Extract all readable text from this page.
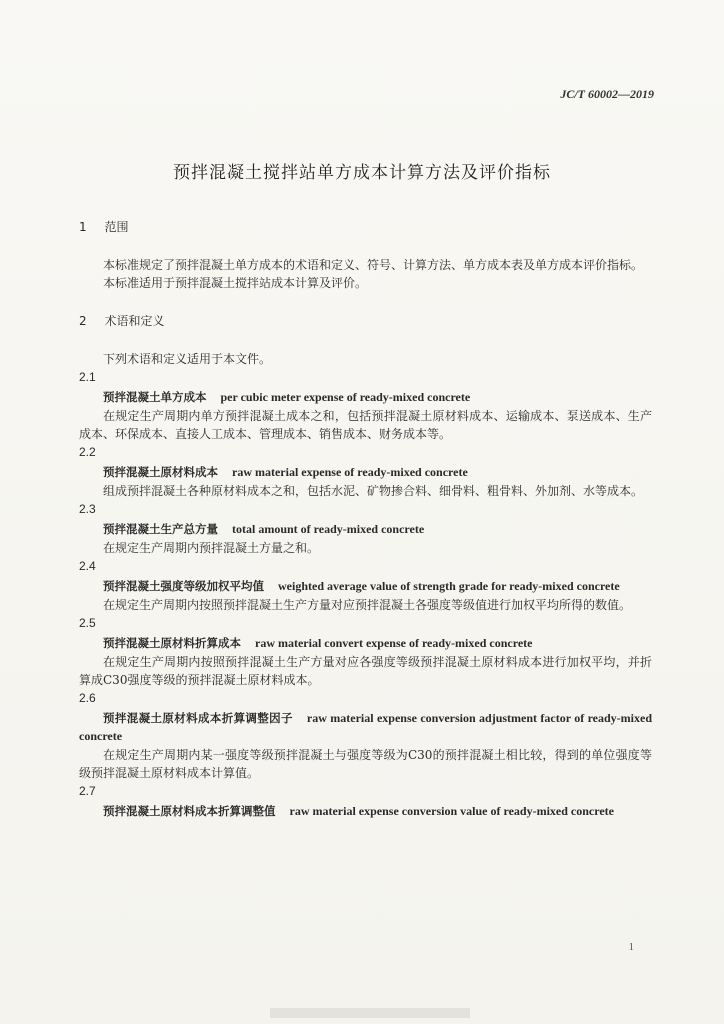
JC/T 60002—2019
预拌混凝土搅拌站单方成本计算方法及评价指标
1 范围

本标准规定了预拌混凝土单方成本的术语和定义、符号、计算方法、单方成本表及单方成本评价指标。

本标准适用于预拌混凝土搅拌站成本计算及评价。

2 术语和定义

下列术语和定义适用于本文件。

2.1

预拌混凝土单方成本 per cubic meter expense of ready-mixed concrete

在规定生产周期内单方预拌混凝土成本之和，包括预拌混凝土原材料成本、运输成本、泵送成本、生产成本、环保成本、直接人工成本、管理成本、销售成本、财务成本等。

2.2

预拌混凝土原材料成本 raw material expense of ready-mixed concrete

组成预拌混凝土各种原材料成本之和，包括水泥、矿物掺合料、细骨料、粗骨料、外加剂、水等成本。

2.3

预拌混凝土生产总方量 total amount of ready-mixed concrete

在规定生产周期内预拌混凝土方量之和。

2.4

预拌混凝土强度等级加权平均值 weighted average value of strength grade for ready-mixed concrete

在规定生产周期内按照预拌混凝土生产方量对应预拌混凝土各强度等级值进行加权平均所得的数值。

2.5

预拌混凝土原材料折算成本 raw material convert expense of ready-mixed concrete

在规定生产周期内按照预拌混凝土生产方量对应各强度等级预拌混凝土原材料成本进行加权平均，并折算成C30强度等级的预拌混凝土原材料成本。

2.6

预拌混凝土原材料成本折算调整因子 raw material expense conversion adjustment factor of ready-mixed concrete

在规定生产周期内某一强度等级预拌混凝土与强度等级为C30的预拌混凝土相比较，得到的单位强度等级预拌混凝土原材料成本计算值。

2.7

预拌混凝土原材料成本折算调整值 raw material expense conversion value of ready-mixed concrete

1
